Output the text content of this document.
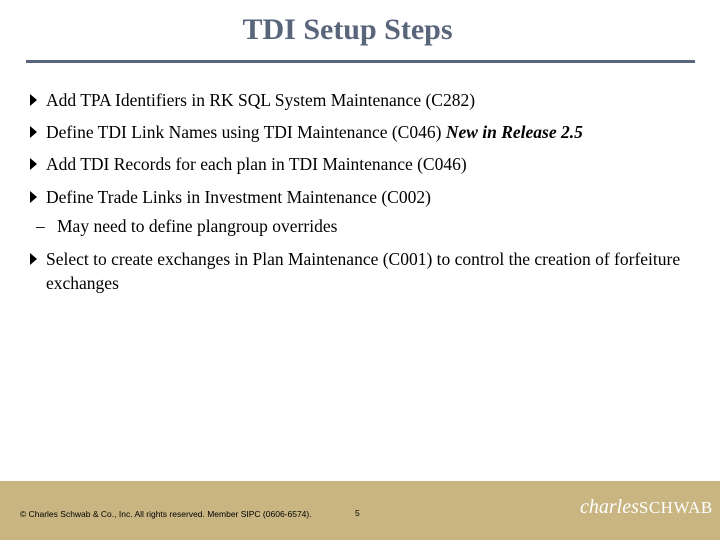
TDI Setup Steps
Add TPA Identifiers in RK SQL System Maintenance (C282)
Define TDI Link Names using TDI Maintenance (C046) New in Release 2.5
Add TDI Records for each plan in TDI Maintenance (C046)
Define Trade Links in Investment Maintenance (C002)
– May need to define plangroup overrides
Select to create exchanges in Plan Maintenance (C001) to control the creation of forfeiture exchanges
© Charles Schwab & Co., Inc. All rights reserved. Member SIPC (0606-6574).	5	charlesSCHWAB
